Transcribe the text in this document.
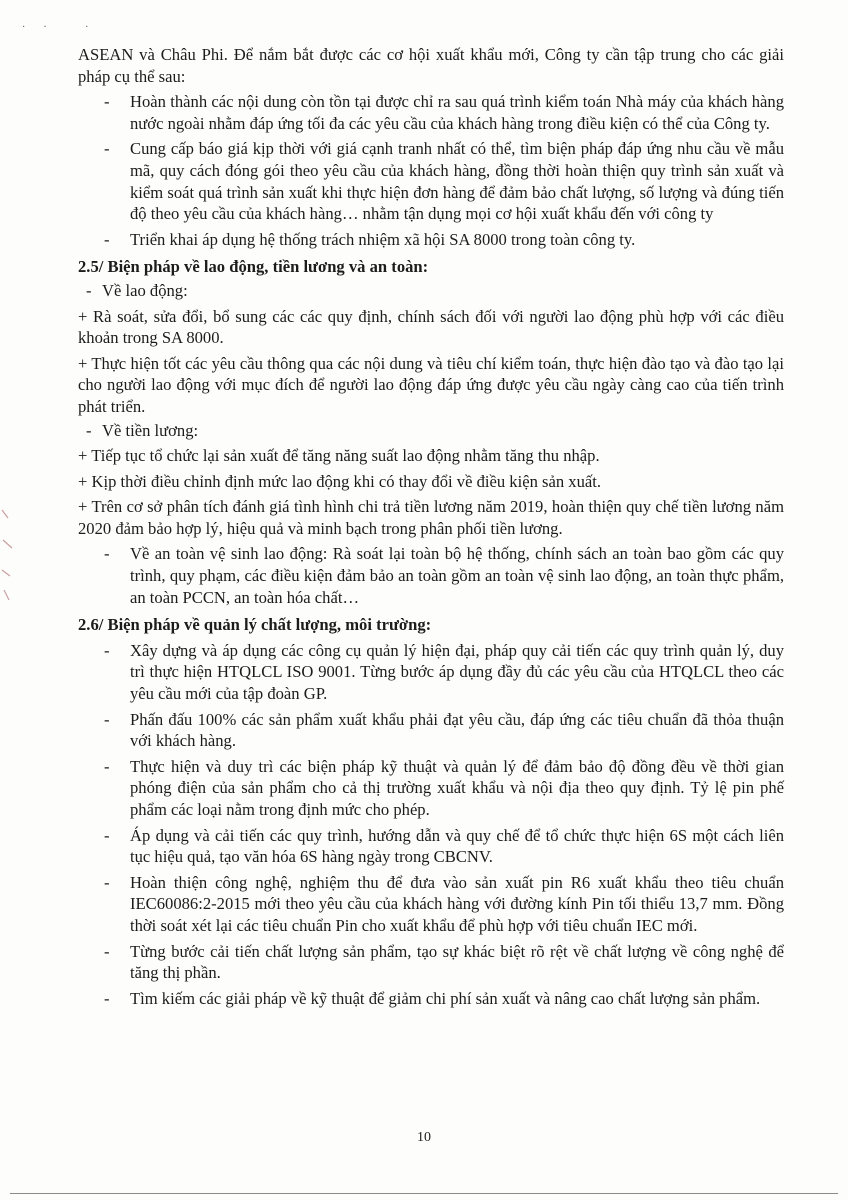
·· ·

ASEAN và Châu Phi. Để nắm bắt được các cơ hội xuất khẩu mới, Công ty cần tập trung cho các giải pháp cụ thể sau:

- Hoàn thành các nội dung còn tồn tại được chỉ ra sau quá trình kiểm toán Nhà máy của khách hàng nước ngoài nhằm đáp ứng tối đa các yêu cầu của khách hàng trong điều kiện có thể của Công ty.
- Cung cấp báo giá kịp thời với giá cạnh tranh nhất có thể, tìm biện pháp đáp ứng nhu cầu về mẫu mã, quy cách đóng gói theo yêu cầu của khách hàng, đồng thời hoàn thiện quy trình sản xuất và kiểm soát quá trình sản xuất khi thực hiện đơn hàng để đảm bảo chất lượng, số lượng và đúng tiến độ theo yêu cầu của khách hàng… nhằm tận dụng mọi cơ hội xuất khẩu đến với công ty
- Triển khai áp dụng hệ thống trách nhiệm xã hội SA 8000 trong toàn công ty.

2.5/ Biện pháp về lao động, tiền lương và an toàn:

- Về lao động:

+ Rà soát, sửa đổi, bổ sung các các quy định, chính sách đối với người lao động phù hợp với các điều khoản trong SA 8000.

+ Thực hiện tốt các yêu cầu thông qua các nội dung và tiêu chí kiểm toán, thực hiện đào tạo và đào tạo lại cho người lao động với mục đích để người lao động đáp ứng được yêu cầu ngày càng cao của tiến trình phát triển.

- Về tiền lương:

+ Tiếp tục tổ chức lại sản xuất để tăng năng suất lao động nhằm tăng thu nhập.

+ Kịp thời điều chỉnh định mức lao động khi có thay đổi về điều kiện sản xuất.

+ Trên cơ sở phân tích đánh giá tình hình chi trả tiền lương năm 2019, hoàn thiện quy chế tiền lương năm 2020 đảm bảo hợp lý, hiệu quả và minh bạch trong phân phối tiền lương.

- Về an toàn vệ sinh lao động: Rà soát lại toàn bộ hệ thống, chính sách an toàn bao gồm các quy trình, quy phạm, các điều kiện đảm bảo an toàn gồm an toàn vệ sinh lao động, an toàn thực phẩm, an toàn PCCN, an toàn hóa chất…

2.6/ Biện pháp về quản lý chất lượng, môi trường:

- Xây dựng và áp dụng các công cụ quản lý hiện đại, pháp quy cải tiến các quy trình quản lý, duy trì thực hiện HTQLCL ISO 9001. Từng bước áp dụng đầy đủ các yêu cầu của HTQLCL theo các yêu cầu mới của tập đoàn GP.
- Phấn đấu 100% các sản phẩm xuất khẩu phải đạt yêu cầu, đáp ứng các tiêu chuẩn đã thỏa thuận với khách hàng.
- Thực hiện và duy trì các biện pháp kỹ thuật và quản lý để đảm bảo độ đồng đều về thời gian phóng điện của sản phẩm cho cả thị trường xuất khẩu và nội địa theo quy định. Tỷ lệ pin phế phẩm các loại nằm trong định mức cho phép.
- Áp dụng và cải tiến các quy trình, hướng dẫn và quy chế để tổ chức thực hiện 6S một cách liên tục hiệu quả, tạo văn hóa 6S hàng ngày trong CBCNV.
- Hoàn thiện công nghệ, nghiệm thu để đưa vào sản xuất pin R6 xuất khẩu theo tiêu chuẩn IEC60086:2-2015 mới theo yêu cầu của khách hàng với đường kính Pin tối thiểu 13,7 mm. Đồng thời soát xét lại các tiêu chuẩn Pin cho xuất khẩu để phù hợp với tiêu chuẩn IEC mới.
- Từng bước cải tiến chất lượng sản phẩm, tạo sự khác biệt rõ rệt về chất lượng về công nghệ để tăng thị phần.
- Tìm kiếm các giải pháp về kỹ thuật để giảm chi phí sản xuất và nâng cao chất lượng sản phẩm.
10
